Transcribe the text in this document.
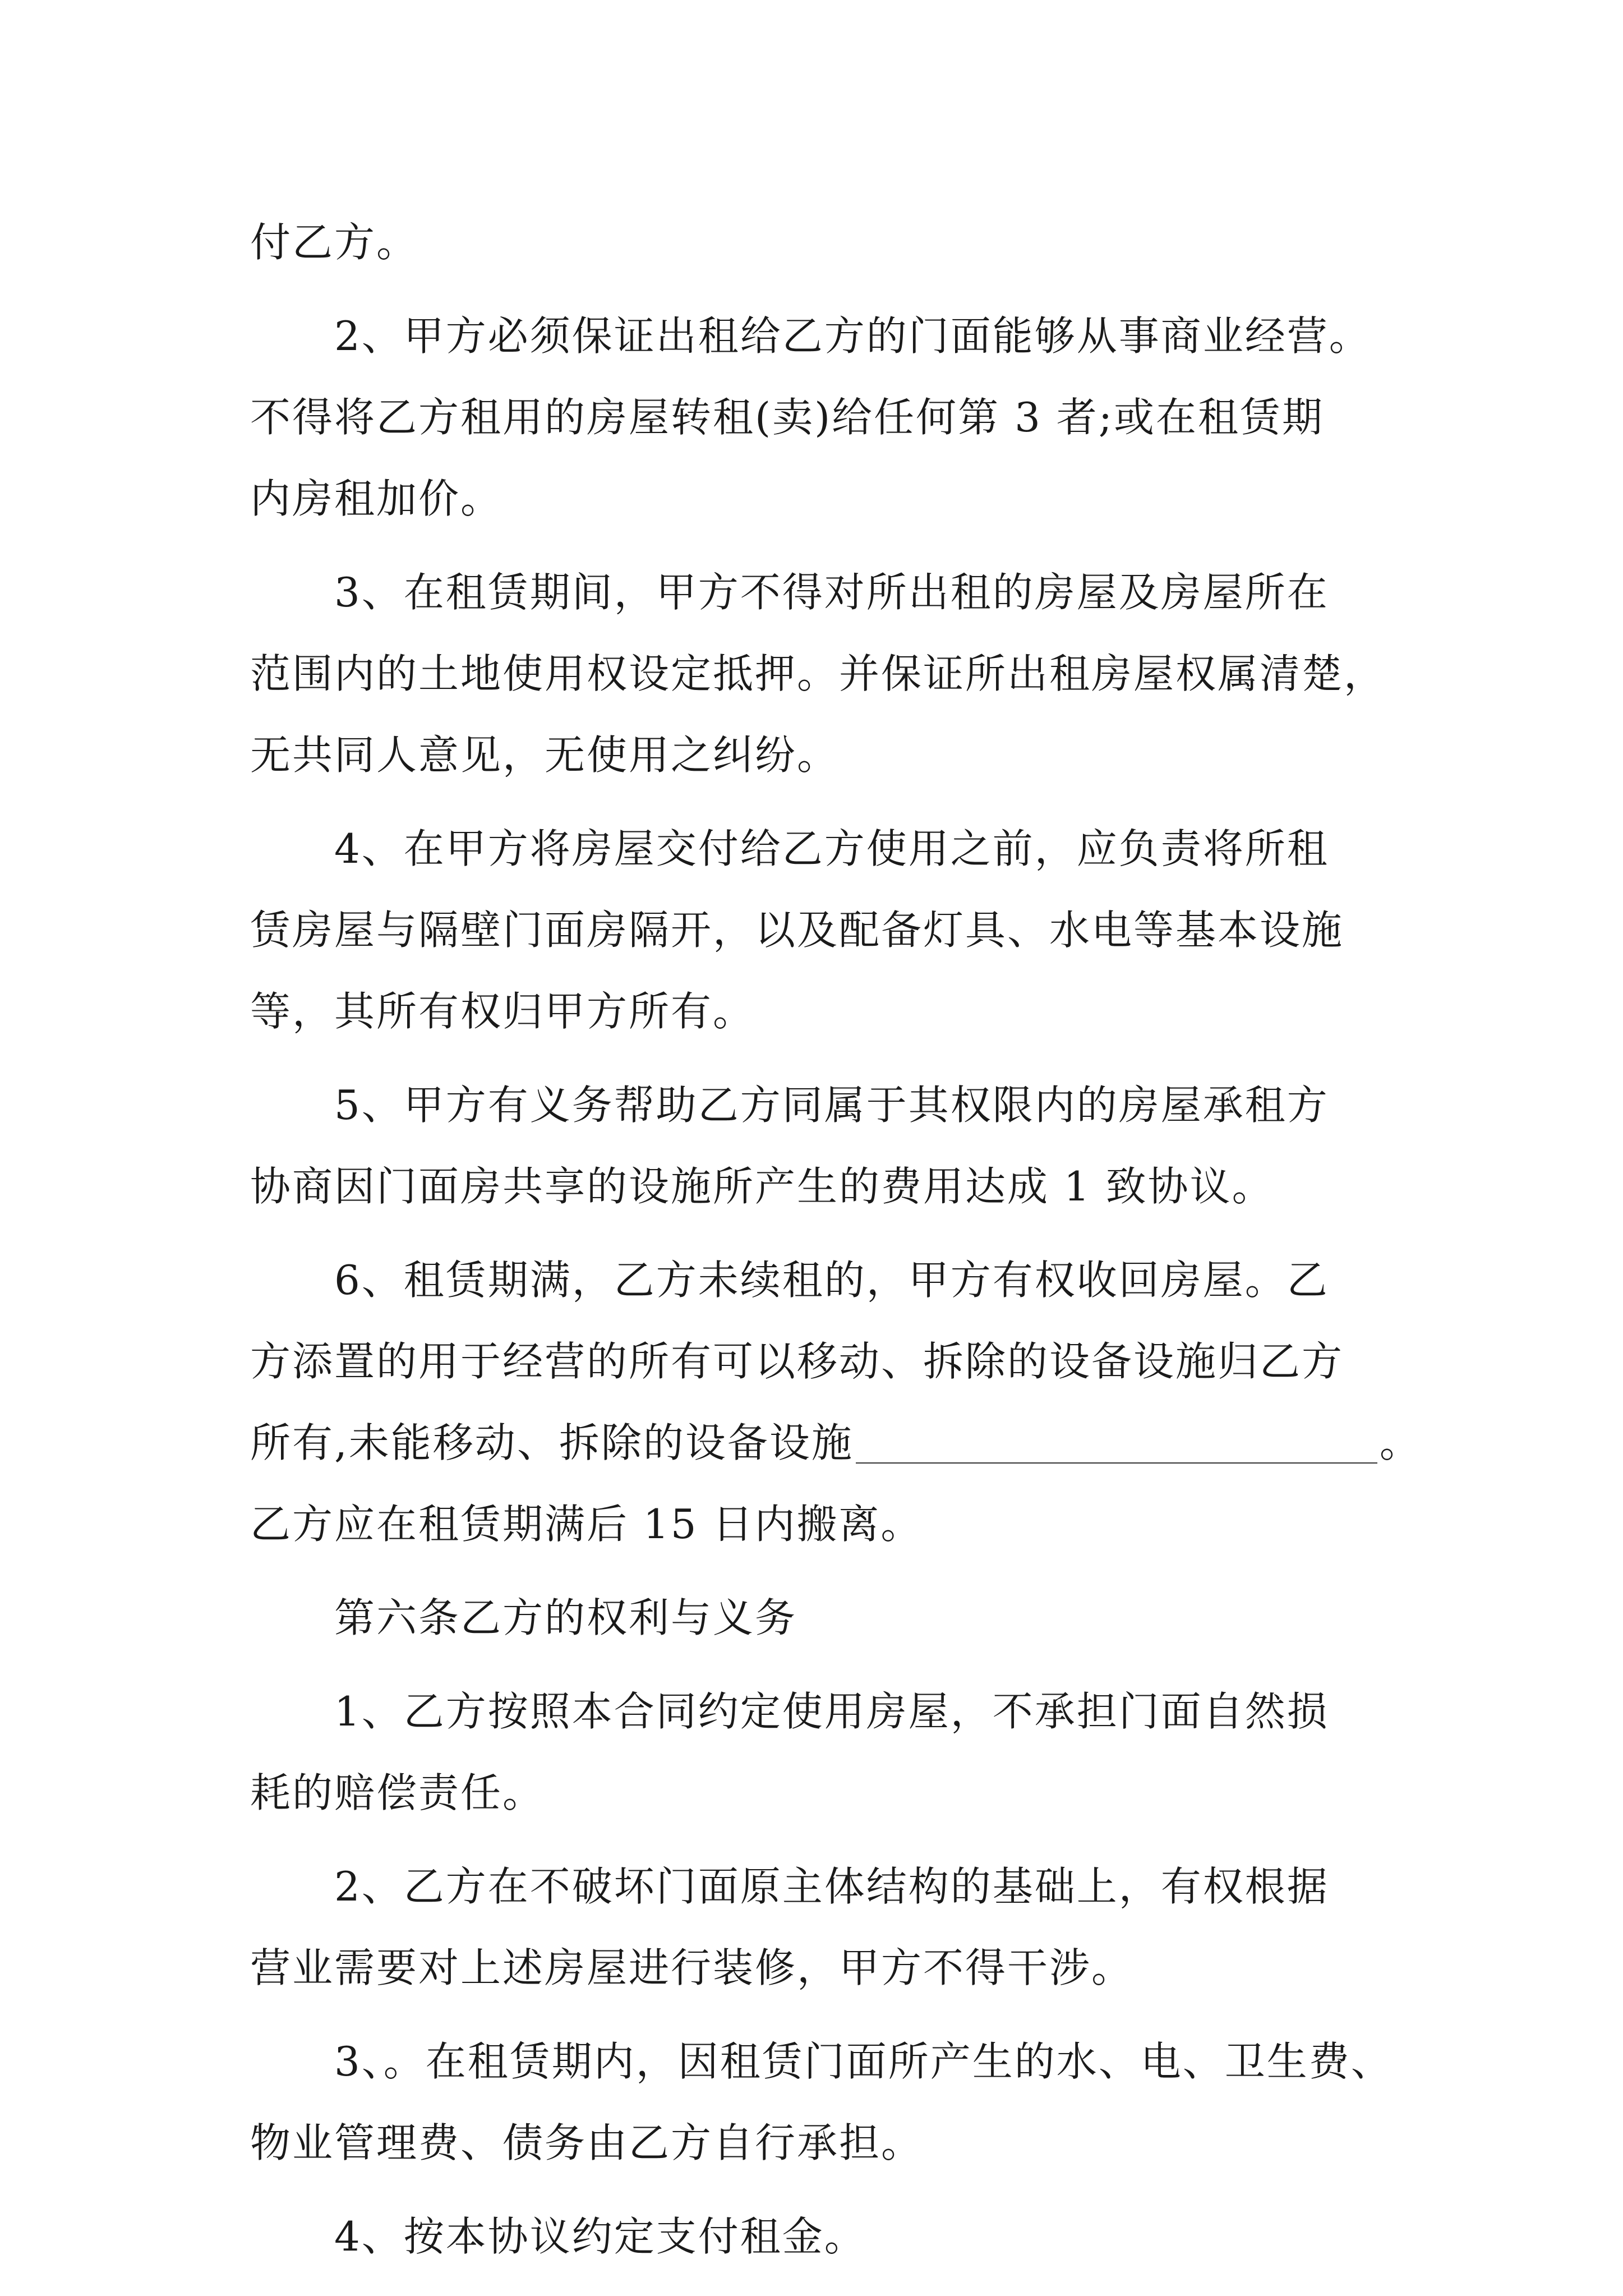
付乙方。
2、甲方必须保证出租给乙方的门面能够从事商业经营。
不得将乙方租用的房屋转租(卖)给任何第 3 者;或在租赁期
内房租加价。
3、在租赁期间，甲方不得对所出租的房屋及房屋所在
范围内的土地使用权设定抵押。并保证所出租房屋权属清楚，
无共同人意见，无使用之纠纷。
4、在甲方将房屋交付给乙方使用之前，应负责将所租
赁房屋与隔壁门面房隔开，以及配备灯具、水电等基本设施
等，其所有权归甲方所有。
5、甲方有义务帮助乙方同属于其权限内的房屋承租方
协商因门面房共享的设施所产生的费用达成 1 致协议。
6、租赁期满，乙方未续租的，甲方有权收回房屋。乙
方添置的用于经营的所有可以移动、拆除的设备设施归乙方
所有,未能移动、拆除的设备设施	。
乙方应在租赁期满后 15 日内搬离。
第六条乙方的权利与义务
1、乙方按照本合同约定使用房屋，不承担门面自然损
耗的赔偿责任。
2、乙方在不破坏门面原主体结构的基础上，有权根据
营业需要对上述房屋进行装修，甲方不得干涉。
3、。在租赁期内，因租赁门面所产生的水、电、卫生费、
物业管理费、债务由乙方自行承担。
4、按本协议约定支付租金。
